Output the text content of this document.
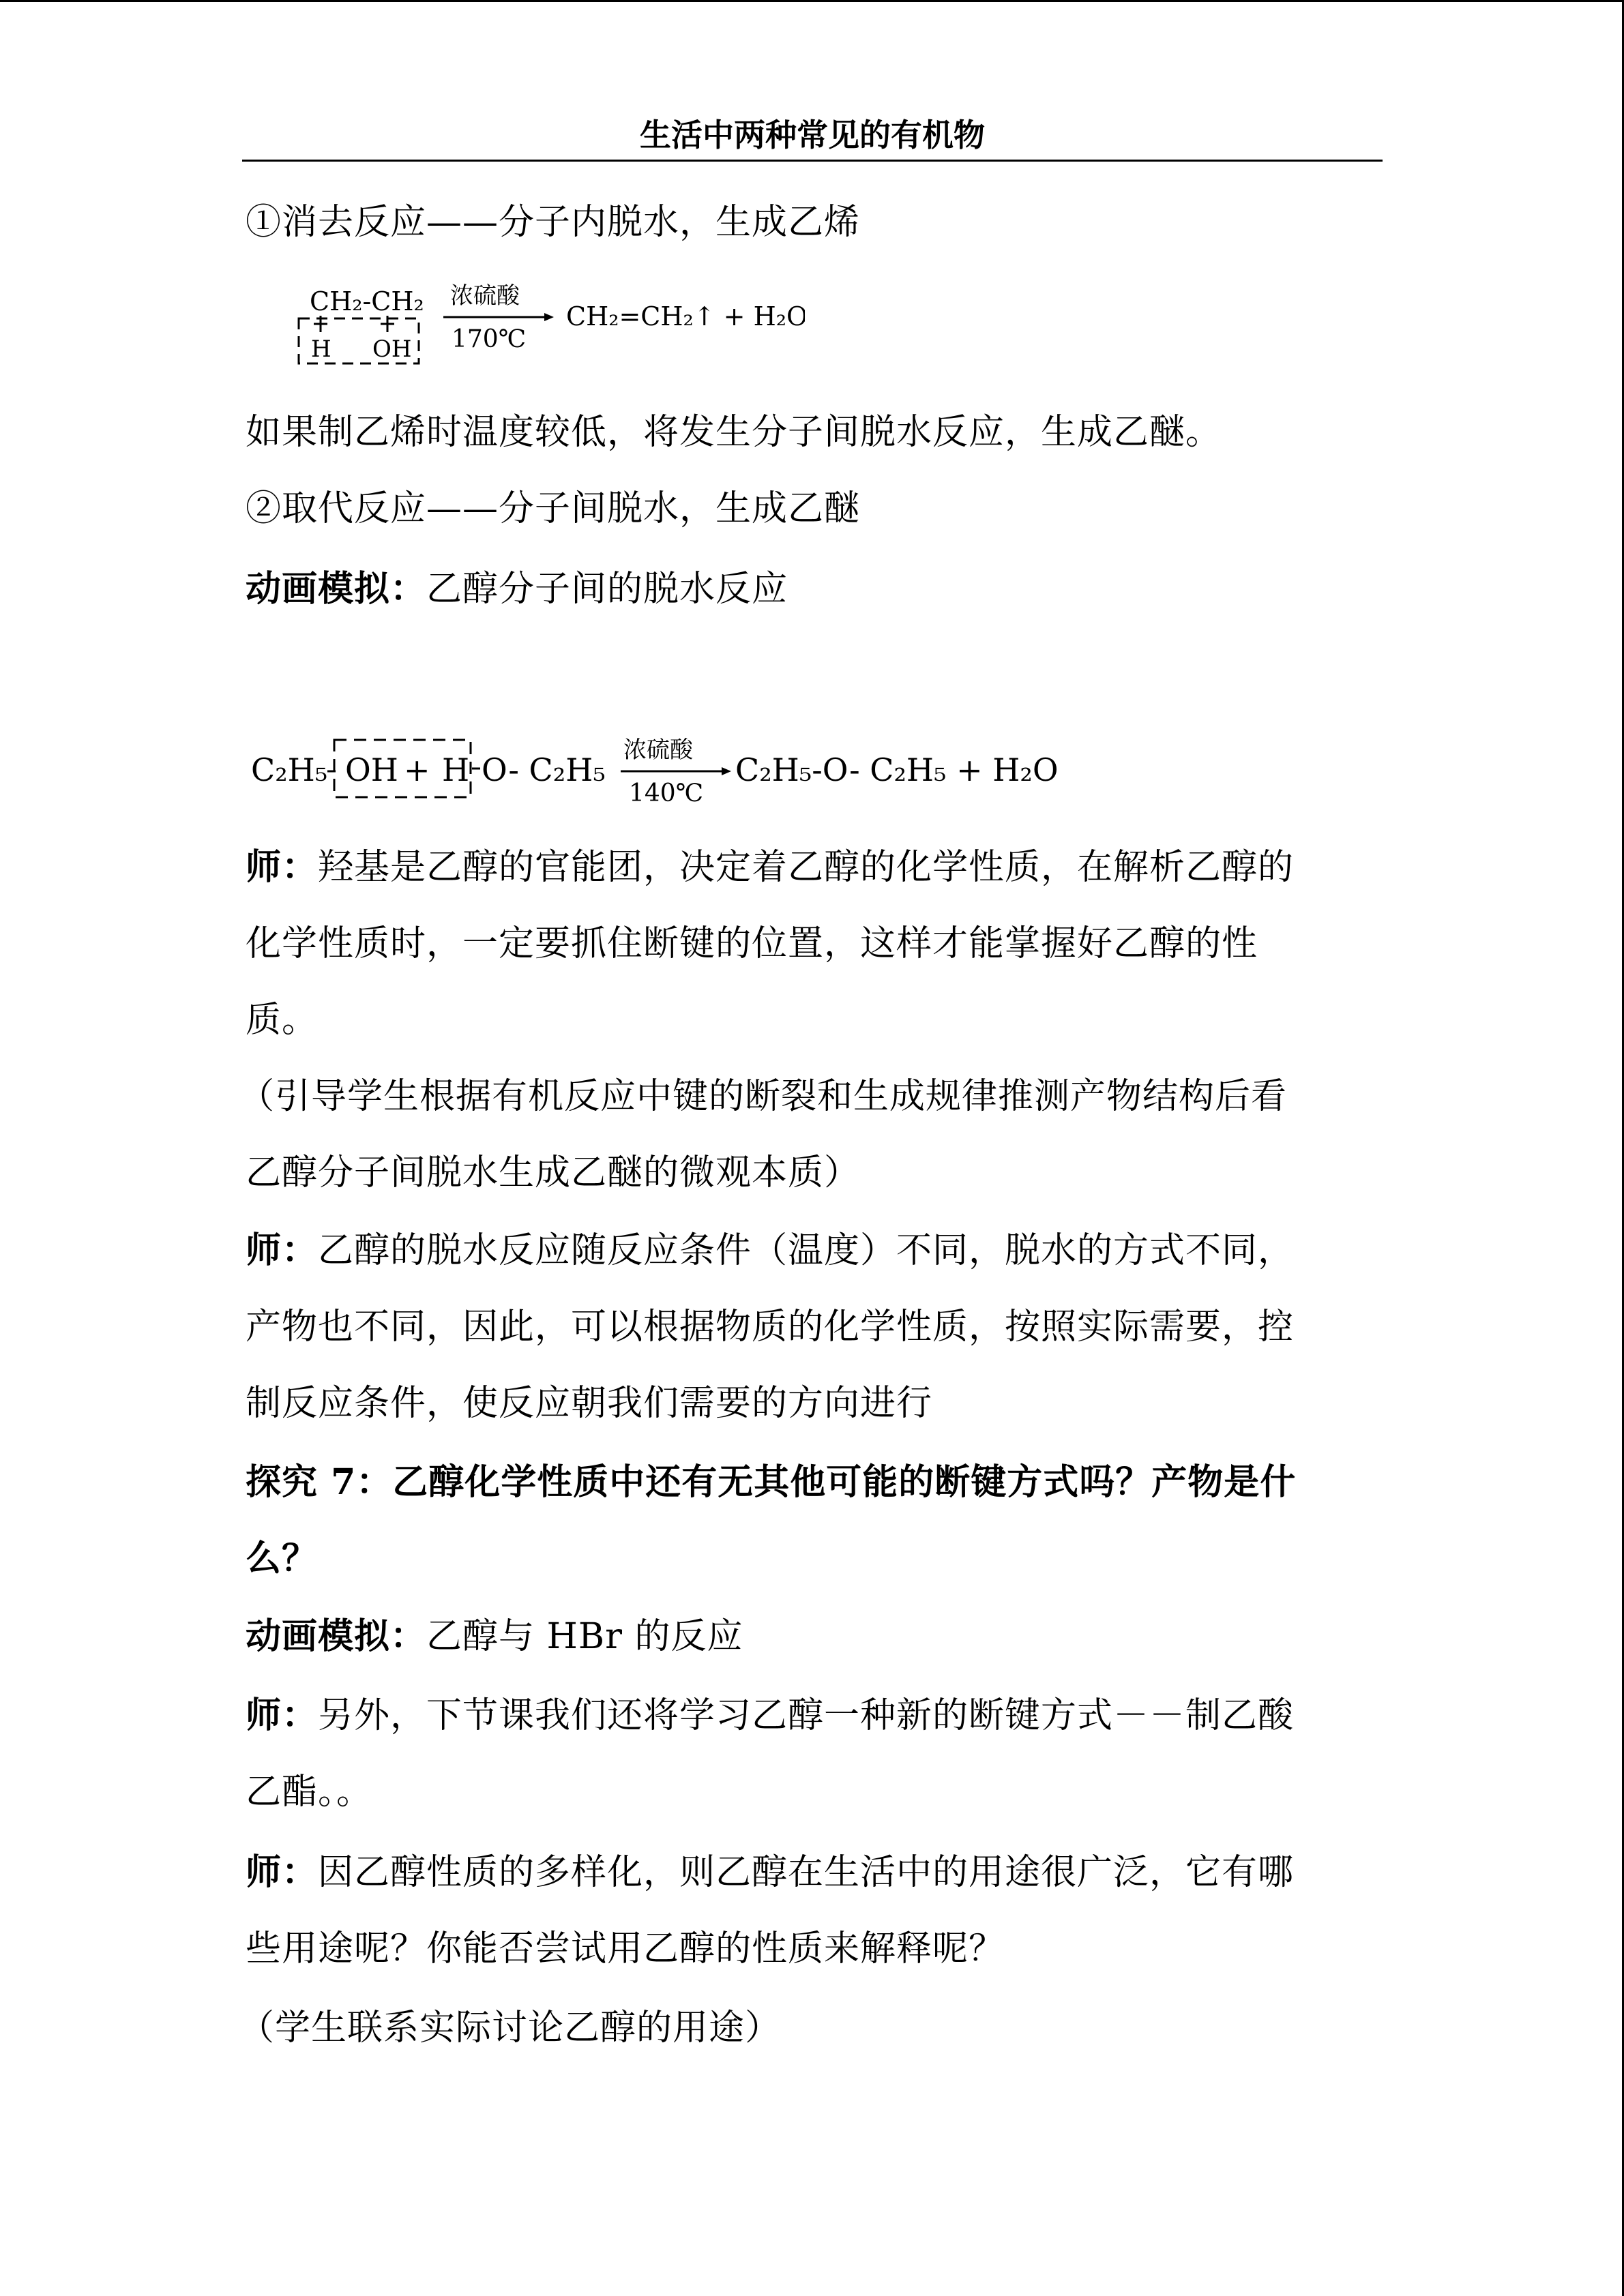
生活中两种常见的有机物

①消去反应——分子内脱水，生成乙烯

CH₂-CH₂
H OH
浓硫酸
170℃
CH₂=CH₂↑ + H₂O

如果制乙烯时温度较低，将发生分子间脱水反应，生成乙醚。

②取代反应——分子间脱水，生成乙醚

动画模拟：乙醇分子间的脱水反应

C₂H₅ OH + H O- C₂H₅
浓硫酸
140℃
C₂H₅-O- C₂H₅ + H₂O

师：羟基是乙醇的官能团，决定着乙醇的化学性质，在解析乙醇的

化学性质时，一定要抓住断键的位置，这样才能掌握好乙醇的性

质。

（引导学生根据有机反应中键的断裂和生成规律推测产物结构后看

乙醇分子间脱水生成乙醚的微观本质）

师：乙醇的脱水反应随反应条件（温度）不同，脱水的方式不同，

产物也不同，因此，可以根据物质的化学性质，按照实际需要，控

制反应条件，使反应朝我们需要的方向进行

探究 7：乙醇化学性质中还有无其他可能的断键方式吗？产物是什

么？

动画模拟：乙醇与 HBr 的反应

师：另外，下节课我们还将学习乙醇一种新的断键方式－－制乙酸

乙酯。。

师：因乙醇性质的多样化，则乙醇在生活中的用途很广泛，它有哪

些用途呢？你能否尝试用乙醇的性质来解释呢？

（学生联系实际讨论乙醇的用途）
